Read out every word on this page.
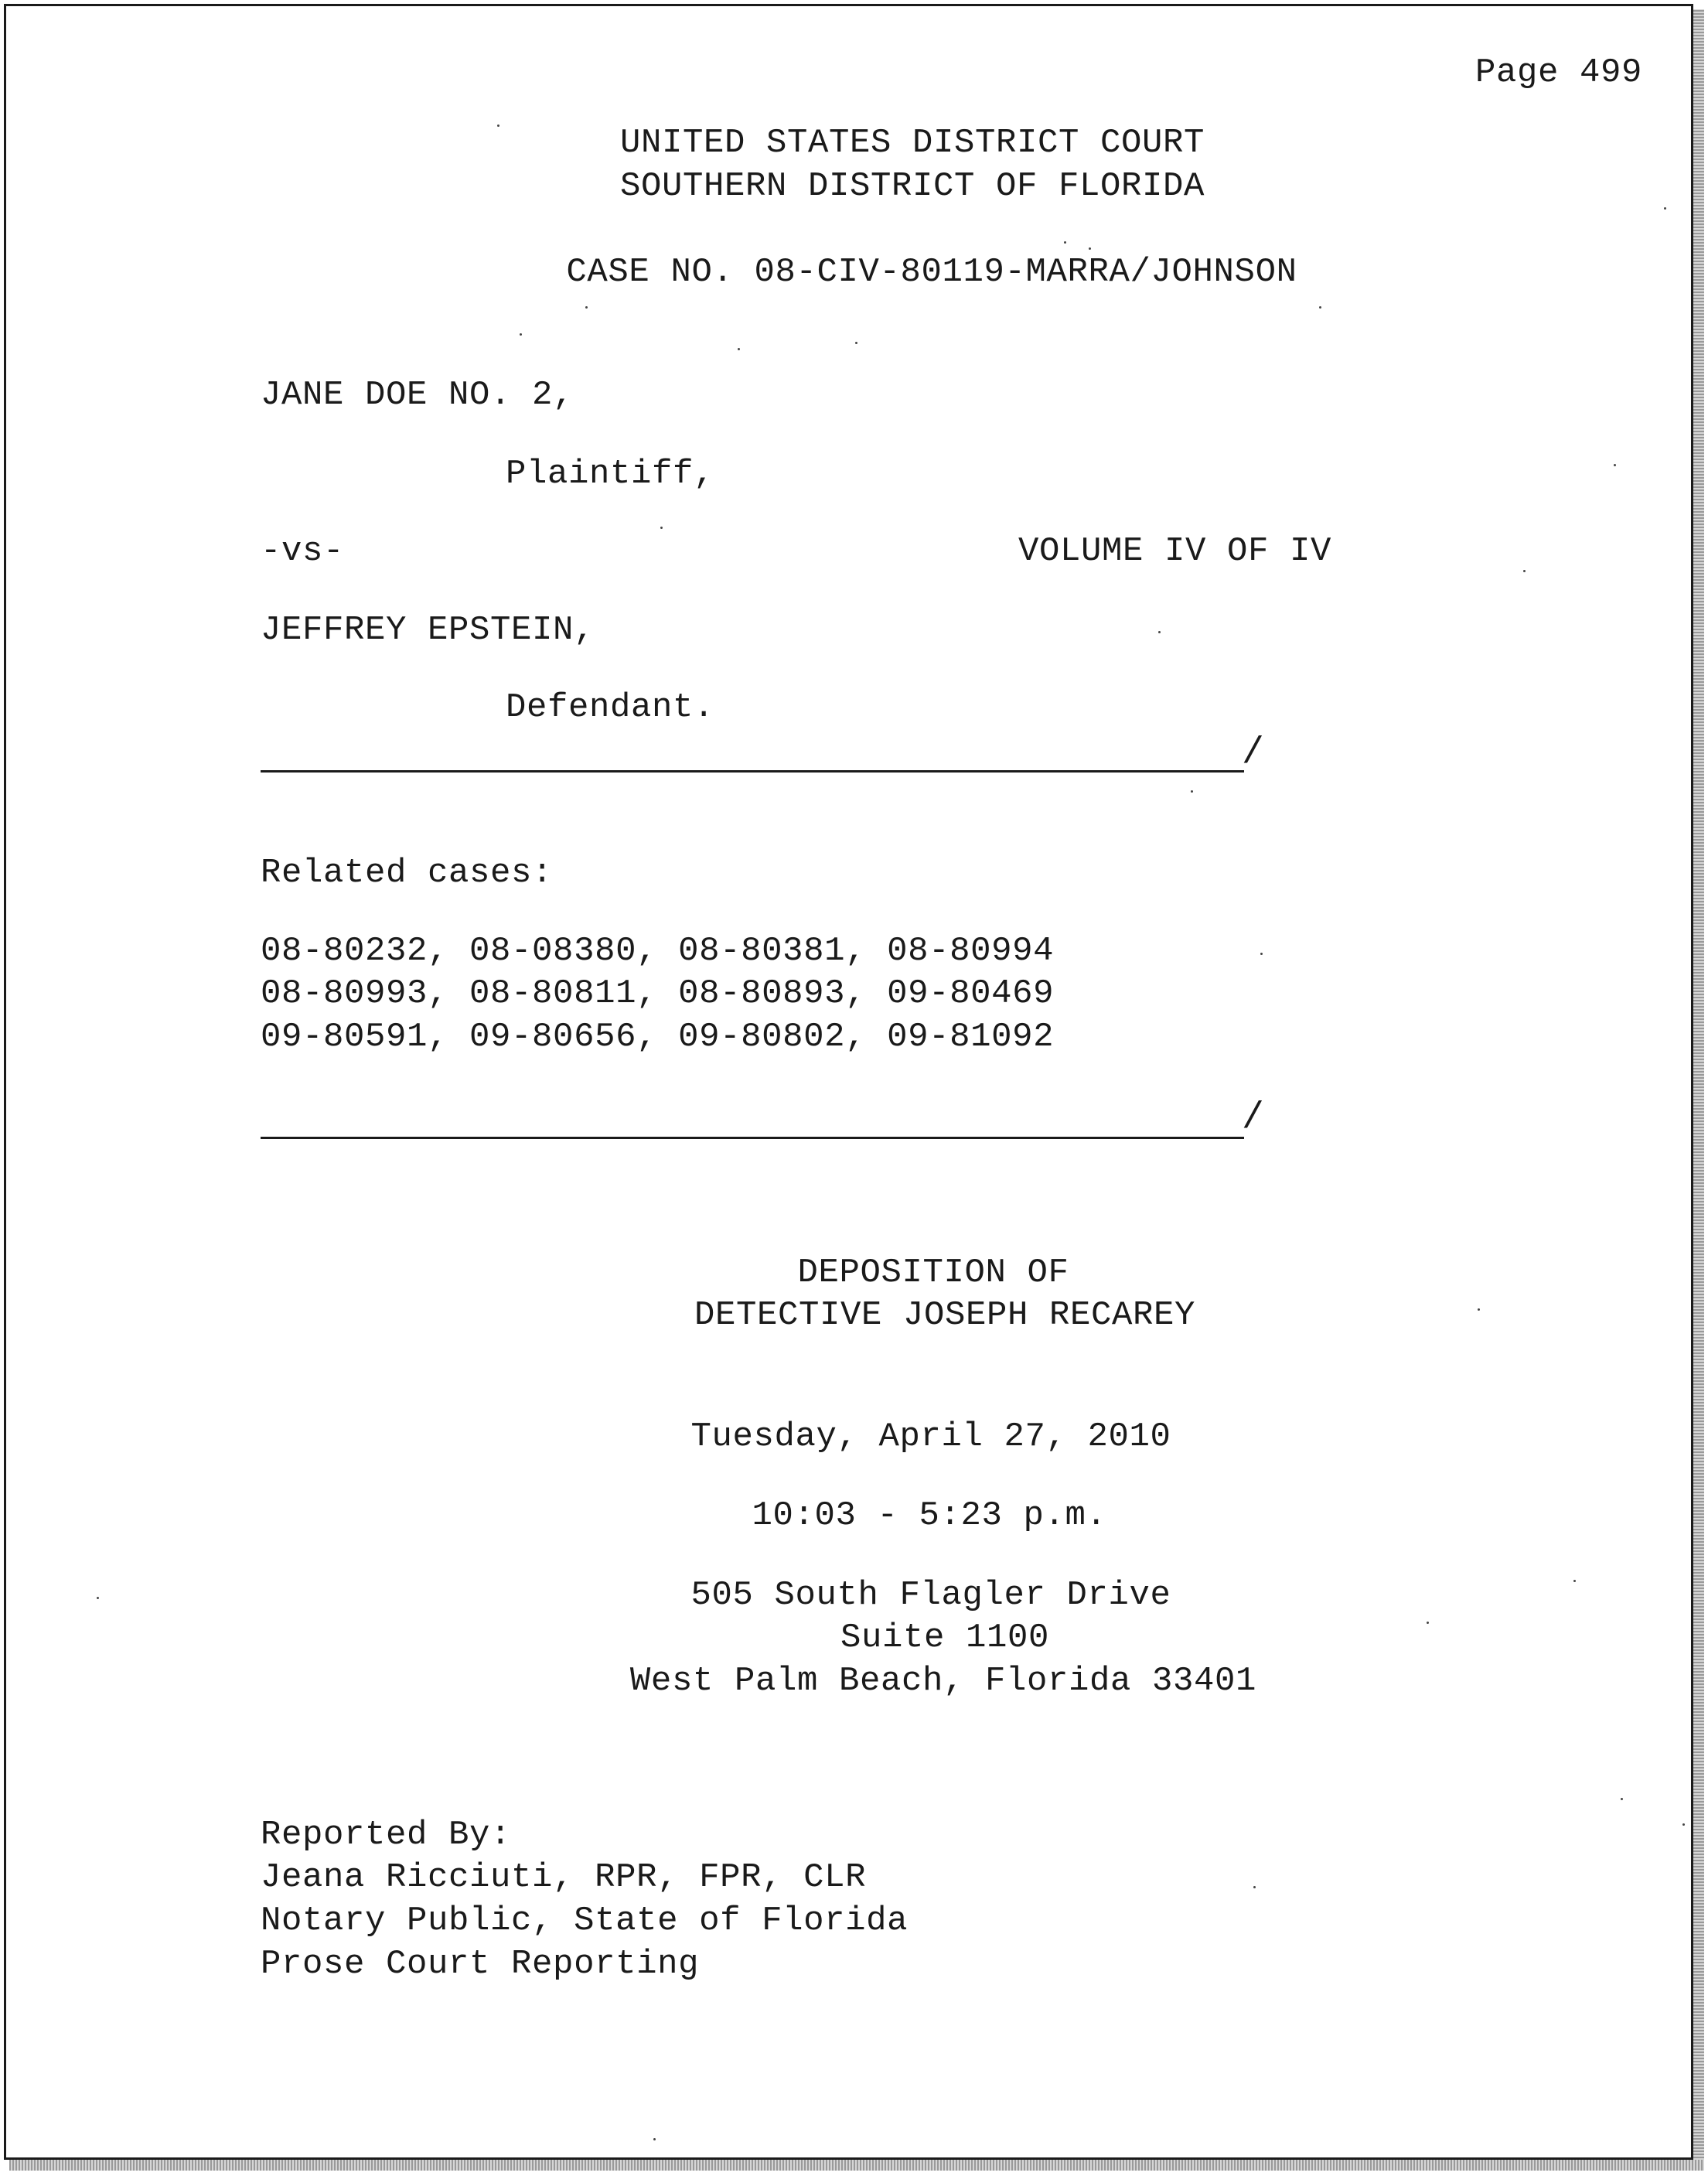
Page 499
UNITED STATES DISTRICT COURT
SOUTHERN DISTRICT OF FLORIDA
CASE NO. 08-CIV-80119-MARRA/JOHNSON
JANE DOE NO. 2,
Plaintiff,
-vs-	VOLUME IV OF IV
JEFFREY EPSTEIN,
Defendant.
/
Related cases:
08-80232, 08-08380, 08-80381, 08-80994
08-80993, 08-80811, 08-80893, 09-80469
09-80591, 09-80656, 09-80802, 09-81092
/
DEPOSITION OF
DETECTIVE JOSEPH RECAREY
Tuesday, April 27, 2010
10:03 - 5:23 p.m.
505 South Flagler Drive
Suite 1100
West Palm Beach, Florida 33401
Reported By:
Jeana Ricciuti, RPR, FPR, CLR
Notary Public, State of Florida
Prose Court Reporting
